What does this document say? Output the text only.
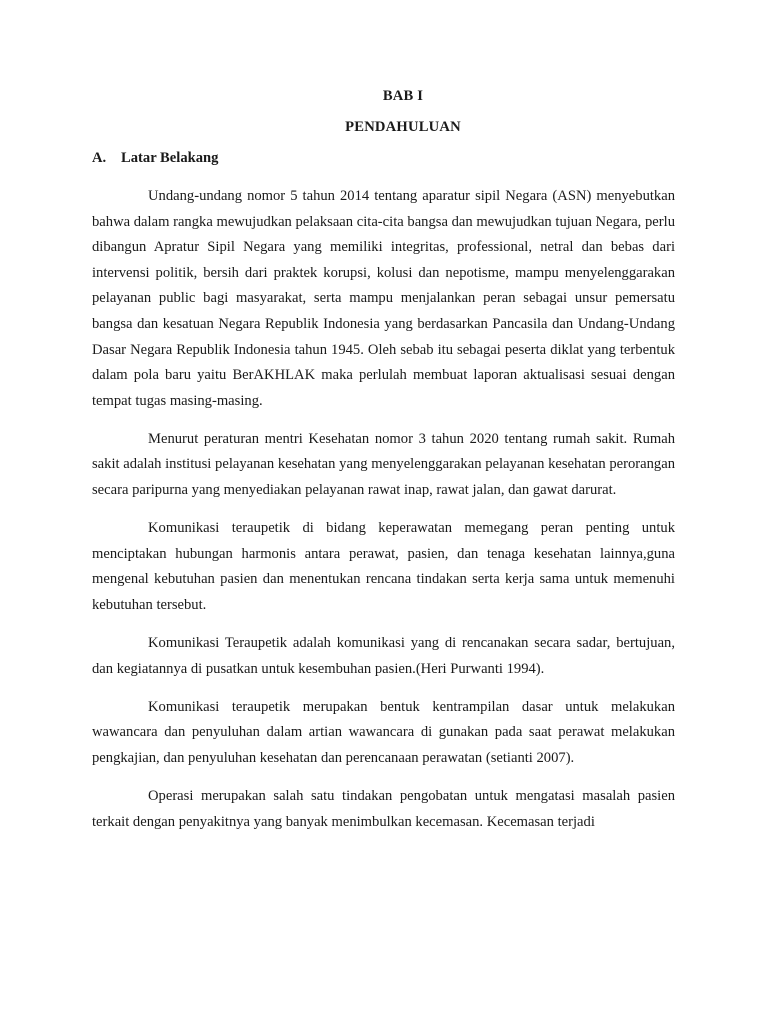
BAB I
PENDAHULUAN
A. Latar Belakang

Undang-undang nomor 5 tahun 2014 tentang aparatur sipil Negara (ASN) menyebutkan bahwa dalam rangka mewujudkan pelaksaan cita-cita bangsa dan mewujudkan tujuan Negara, perlu dibangun Apratur Sipil Negara yang memiliki integritas, professional, netral dan bebas dari intervensi politik, bersih dari praktek korupsi, kolusi dan nepotisme, mampu menyelenggarakan pelayanan public bagi masyarakat, serta mampu menjalankan peran sebagai unsur pemersatu bangsa dan kesatuan Negara Republik Indonesia yang berdasarkan Pancasila dan Undang-Undang Dasar Negara Republik Indonesia tahun 1945. Oleh sebab itu sebagai peserta diklat yang terbentuk dalam pola baru yaitu BerAKHLAK maka perlulah membuat laporan aktualisasi sesuai dengan tempat tugas masing-masing.

Menurut peraturan mentri Kesehatan nomor 3 tahun 2020 tentang rumah sakit. Rumah sakit adalah institusi pelayanan kesehatan yang menyelenggarakan pelayanan kesehatan perorangan secara paripurna yang menyediakan pelayanan rawat inap, rawat jalan, dan gawat darurat.

Komunikasi teraupetik di bidang keperawatan memegang peran penting untuk menciptakan hubungan harmonis antara perawat, pasien, dan tenaga kesehatan lainnya,guna mengenal kebutuhan pasien dan menentukan rencana tindakan serta kerja sama untuk memenuhi kebutuhan tersebut.

Komunikasi Teraupetik adalah komunikasi yang di rencanakan secara sadar, bertujuan, dan kegiatannya di pusatkan untuk kesembuhan pasien.(Heri Purwanti 1994).

Komunikasi teraupetik merupakan bentuk kentrampilan dasar untuk melakukan wawancara dan penyuluhan dalam artian wawancara di gunakan pada saat perawat melakukan pengkajian, dan penyuluhan kesehatan dan perencanaan perawatan (setianti 2007).

Operasi merupakan salah satu tindakan pengobatan untuk mengatasi masalah pasien terkait dengan penyakitnya yang banyak menimbulkan kecemasan. Kecemasan terjadi
